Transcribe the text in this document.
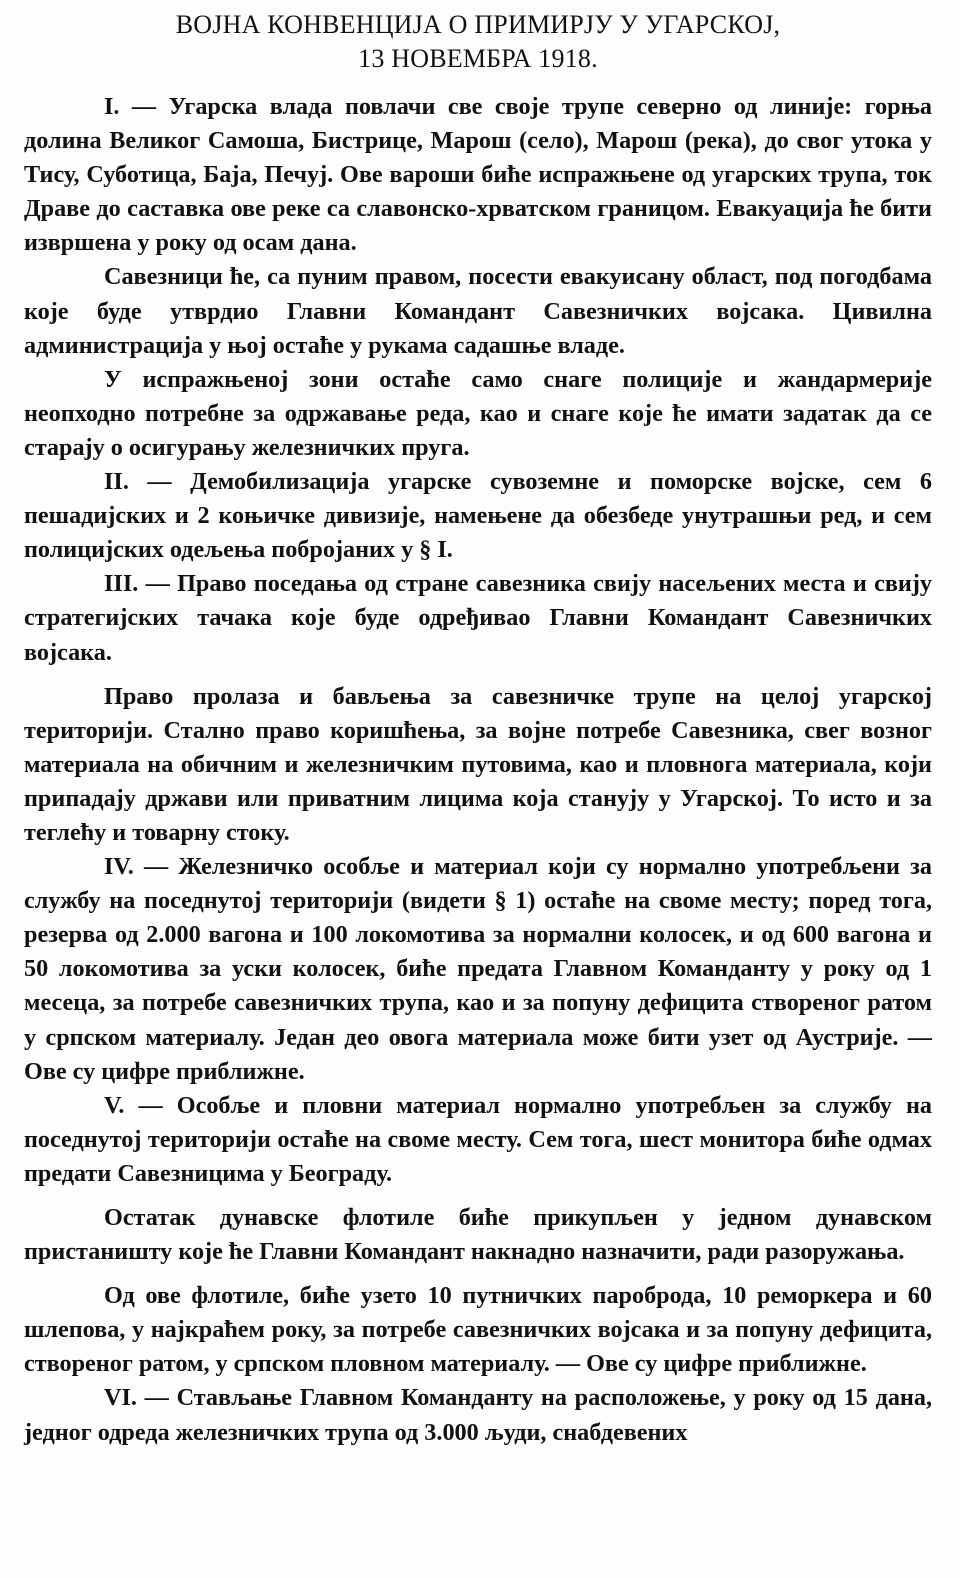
ВОЈНА КОНВЕНЦИЈА О ПРИМИРЈУ У УГАРСКОЈ,
13 НОВЕМБРА 1918.

I. — Угарска влада повлачи све своје трупе северно од линије: горња долина Великог Самоша, Бистрице, Марош (село), Марош (река), до свог утока у Тису, Суботица, Баја, Печуј. Ове вароши биће испражњене од угарских трупа, ток Драве до саставка ове реке са славонско-хрватском границом. Евакуација ће бити извршена у року од осам дана.

Савезници ће, са пуним правом, посести евакуисану област, под погодбама које буде утврдио Главни Командант Савезничких војсака. Цивилна администрација у њој остаће у рукама садашње владе.

У испражњеној зони остаће само снаге полиције и жандармерије неопходно потребне за одржавање реда, као и снаге које ће имати задатак да се старају о осигурању железничких пруга.

II. — Демобилизација угарске сувоземне и поморске војске, сем 6 пешадијских и 2 коњичке дивизије, намењене да обезбеде унутрашњи ред, и сем полицијских одељења побројаних у § I.

III. — Право поседања од стране савезника свију насељених места и свију стратегијских тачака које буде одређивао Главни Командант Савезничких војсака.

Право пролаза и бављења за савезничке трупе на целој угарској територији. Стално право коришћења, за војне потребе Савезника, свег возног материала на обичним и железничким путовима, као и пловнога материала, који припадају држави или приватним лицима која станују у Угарској. То исто и за теглећу и товарну стоку.

IV. — Железничко особље и материал који су нормално употребљени за службу на поседнутој територији (видети § 1) остаће на своме месту; поред тога, резерва од 2.000 вагона и 100 локомотива за нормални колосек, и од 600 вагона и 50 локомотива за уски колосек, биће предата Главном Команданту у року од 1 месеца, за потребе савезничких трупа, као и за попуну дефицита створеног ратом у српском материалу. Један део овога материала може бити узет од Аустрије. — Ове су цифре приближне.

V. — Особље и пловни материал нормално употребљен за службу на поседнутој територији остаће на своме месту. Сем тога, шест монитора биће одмах предати Савезницима у Београду.

Остатак дунавске флотиле биће прикупљен у једном дунавском пристаништу које ће Главни Командант накнадно назначити, ради разоружања.

Од ове флотиле, биће узето 10 путничких пароброда, 10 реморкера и 60 шлепова, у најкраћем року, за потребе савезничких војсака и за попуну дефицита, створеног ратом, у српском пловном материалу. — Ове су цифре приближне.

VI. — Стављање Главном Команданту на расположење, у року од 15 дана, једног одреда железничких трупа од 3.000 људи, снабдевених
